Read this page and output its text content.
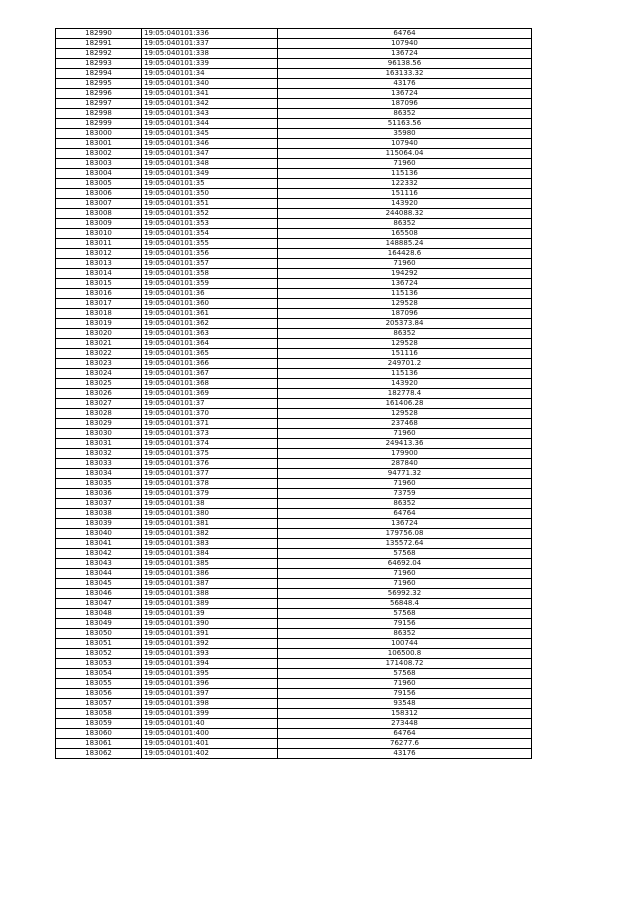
182990	19:05:040101:336	64764
182991	19:05:040101:337	107940
182992	19:05:040101:338	136724
182993	19:05:040101:339	96138.56
182994	19:05:040101:34	163133.32
182995	19:05:040101:340	43176
182996	19:05:040101:341	136724
182997	19:05:040101:342	187096
182998	19:05:040101:343	86352
182999	19:05:040101:344	51163.56
183000	19:05:040101:345	35980
183001	19:05:040101:346	107940
183002	19:05:040101:347	115064.04
183003	19:05:040101:348	71960
183004	19:05:040101:349	115136
183005	19:05:040101:35	122332
183006	19:05:040101:350	151116
183007	19:05:040101:351	143920
183008	19:05:040101:352	244088.32
183009	19:05:040101:353	86352
183010	19:05:040101:354	165508
183011	19:05:040101:355	148885.24
183012	19:05:040101:356	164428.6
183013	19:05:040101:357	71960
183014	19:05:040101:358	194292
183015	19:05:040101:359	136724
183016	19:05:040101:36	115136
183017	19:05:040101:360	129528
183018	19:05:040101:361	187096
183019	19:05:040101:362	205373.84
183020	19:05:040101:363	86352
183021	19:05:040101:364	129528
183022	19:05:040101:365	151116
183023	19:05:040101:366	249701.2
183024	19:05:040101:367	115136
183025	19:05:040101:368	143920
183026	19:05:040101:369	182778.4
183027	19:05:040101:37	161406.28
183028	19:05:040101:370	129528
183029	19:05:040101:371	237468
183030	19:05:040101:373	71960
183031	19:05:040101:374	249413.36
183032	19:05:040101:375	179900
183033	19:05:040101:376	287840
183034	19:05:040101:377	94771.32
183035	19:05:040101:378	71960
183036	19:05:040101:379	73759
183037	19:05:040101:38	86352
183038	19:05:040101:380	64764
183039	19:05:040101:381	136724
183040	19:05:040101:382	179756.08
183041	19:05:040101:383	135572.64
183042	19:05:040101:384	57568
183043	19:05:040101:385	64692.04
183044	19:05:040101:386	71960
183045	19:05:040101:387	71960
183046	19:05:040101:388	56992.32
183047	19:05:040101:389	56848.4
183048	19:05:040101:39	57568
183049	19:05:040101:390	79156
183050	19:05:040101:391	86352
183051	19:05:040101:392	100744
183052	19:05:040101:393	106500.8
183053	19:05:040101:394	171408.72
183054	19:05:040101:395	57568
183055	19:05:040101:396	71960
183056	19:05:040101:397	79156
183057	19:05:040101:398	93548
183058	19:05:040101:399	158312
183059	19:05:040101:40	273448
183060	19:05:040101:400	64764
183061	19:05:040101:401	76277.6
183062	19:05:040101:402	43176
